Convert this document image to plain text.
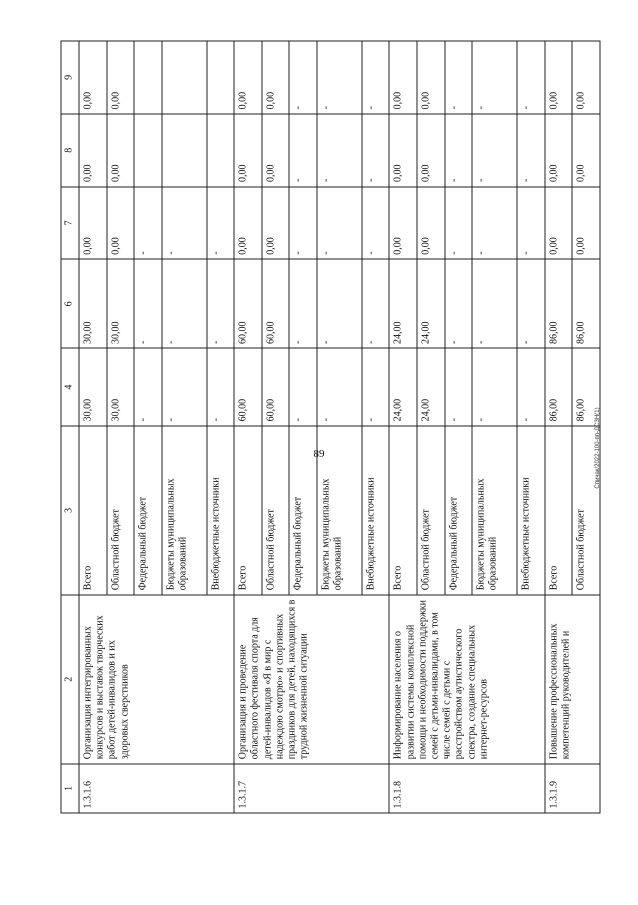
89	Спичак/2022-100-пп-ДСЗН(1)
1	2	3	4	6	7	8	9
1.3.1.6	Организация интегрированных конкурсов и выставок творческих работ детей-инвалидов и их здоровых сверстников	Всего	30,00	30,00	0,00	0,00	0,00
		Областной бюджет	30,00	30,00	0,00	0,00	0,00
		Федеральный бюджет	-	-	-		
		Бюджеты муниципальных образований	-	-	-		
		Внебюджетные источники	-	-	-		
1.3.1.7	Организация и проведение областного фестиваля спорта для детей-инвалидов «Я в мир с надеждою смотрю» и спортивных праздников для детей, находящихся в трудной жизненной ситуации	Всего	60,00	60,00	0,00	0,00	0,00
		Областной бюджет	60,00	60,00	0,00	0,00	0,00
		Федеральный бюджет	-	-	-	-	-
		Бюджеты муниципальных образований	-	-	-	-	-
		Внебюджетные источники	-	-	-	-	-
1.3.1.8	Информирование населения о развитии системы комплексной помощи и необходимости поддержки семей с детьми-инвалидами, в том числе семей с детьми с расстройством аутистического спектра, создание специальных интернет-ресурсов	Всего	24,00	24,00	0,00	0,00	0,00
		Областной бюджет	24,00	24,00	0,00	0,00	0,00
		Федеральный бюджет	-	-	-	-	-
		Бюджеты муниципальных образований	-	-	-	-	-
		Внебюджетные источники	-	-	-	-	-
1.3.1.9	Повышение профессиональных компетенций руководителей и	Всего	86,00	86,00	0,00	0,00	0,00
		Областной бюджет	86,00	86,00	0,00	0,00	0,00
